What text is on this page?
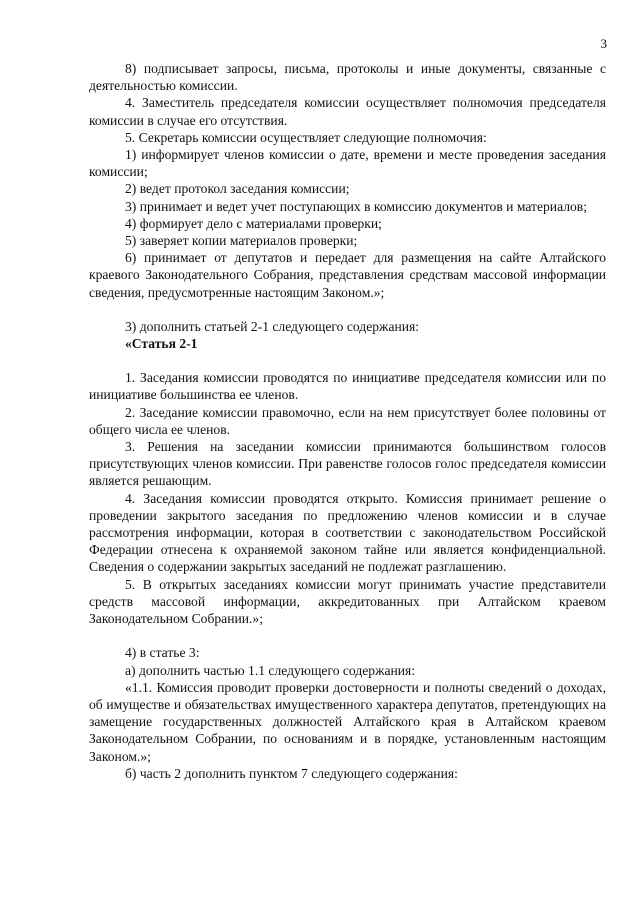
3

8) подписывает запросы, письма, протоколы и иные документы, связанные с деятельностью комиссии.

4. Заместитель председателя комиссии осуществляет полномочия председателя комиссии в случае его отсутствия.

5. Секретарь комиссии осуществляет следующие полномочия:

1) информирует членов комиссии о дате, времени и месте проведения заседания комиссии;

2) ведет протокол заседания комиссии;

3) принимает и ведет учет поступающих в комиссию документов и материалов;

4) формирует дело с материалами проверки;

5) заверяет копии материалов проверки;

6) принимает от депутатов и передает для размещения на сайте Алтайского краевого Законодательного Собрания, представления средствам массовой информации сведения, предусмотренные настоящим Законом.»;

3) дополнить статьей 2-1 следующего содержания:

«Статья 2-1

1. Заседания комиссии проводятся по инициативе председателя комиссии или по инициативе большинства ее членов.

2. Заседание комиссии правомочно, если на нем присутствует более половины от общего числа ее членов.

3. Решения на заседании комиссии принимаются большинством голосов присутствующих членов комиссии. При равенстве голосов голос председателя комиссии является решающим.

4. Заседания комиссии проводятся открыто. Комиссия принимает решение о проведении закрытого заседания по предложению членов комиссии и в случае рассмотрения информации, которая в соответствии с законодательством Российской Федерации отнесена к охраняемой законом тайне или является конфиденциальной. Сведения о содержании закрытых заседаний не подлежат разглашению.

5. В открытых заседаниях комиссии могут принимать участие представители средств массовой информации, аккредитованных при Алтайском краевом Законодательном Собрании.»;

4) в статье 3:

а) дополнить частью 1.1 следующего содержания:

«1.1. Комиссия проводит проверки достоверности и полноты сведений о доходах, об имуществе и обязательствах имущественного характера депутатов, претендующих на замещение государственных должностей Алтайского края в Алтайском краевом Законодательном Собрании, по основаниям и в порядке, установленным настоящим Законом.»;

б) часть 2 дополнить пунктом 7 следующего содержания:
